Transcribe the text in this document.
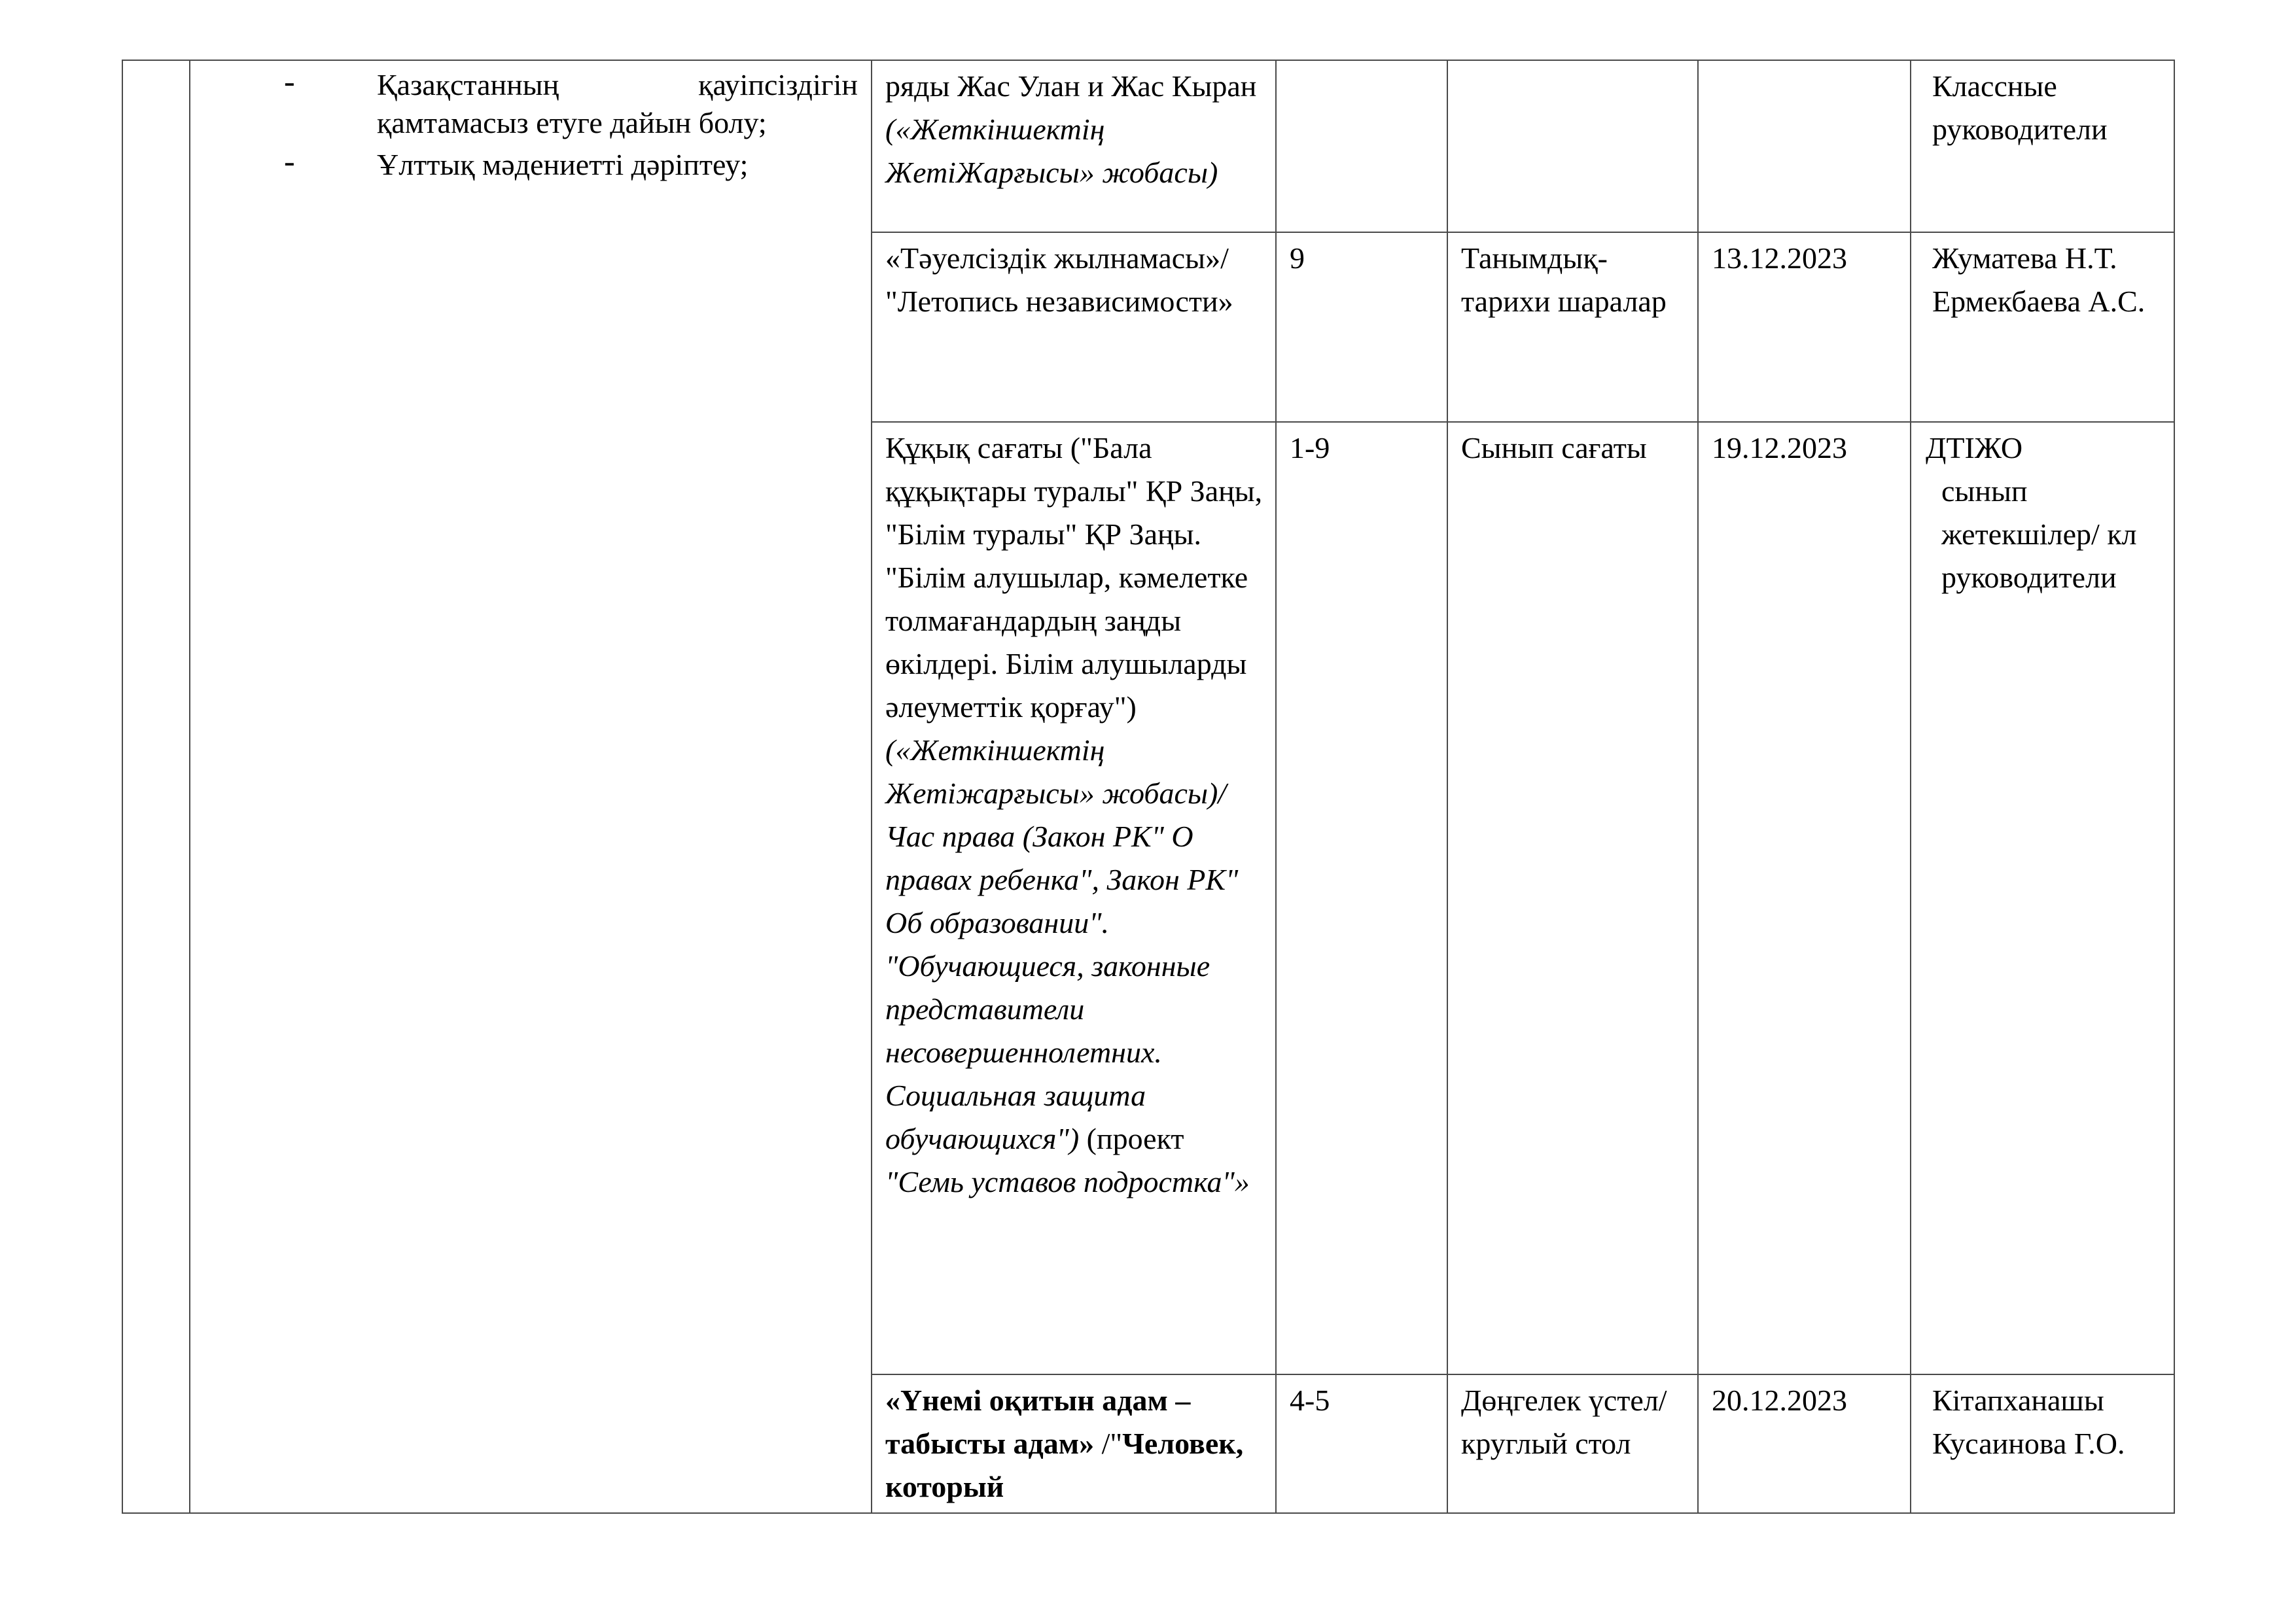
	- Қазақстанның қауіпсіздігін қамтамасыз етуге дайын болу;
- Ұлттық мәдениетті дәріптеу;	ряды Жас Улан и Жас Кыран («Жеткіншектің ЖетіЖарғысы» жобасы)				Классные руководители

		«Тәуелсіздік жылнамасы»/ "Летопись независимости»	9	Танымдық-тарихи шаралар	13.12.2023	Жуматева Н.Т.
Ермекбаева А.С.

		Құқық сағаты ("Бала құқықтары туралы" ҚР Заңы, "Білім туралы" ҚР Заңы. "Білім алушылар, кәмелетке толмағандардың заңды өкілдері. Білім алушыларды әлеуметтік қорғау")(«Жеткіншектің Жетіжарғысы» жобасы)/ Час права (Закон РК" О правах ребенка", Закон РК" Об образовании". "Обучающиеся, законные представители несовершеннолетних. Социальная защита обучающихся") (проект "Семь уставов подростка"»	1-9	Сынып сағаты	19.12.2023	ДТІЖО
сынып жетекшілер/ кл руководители

		«Үнемі оқитын адам –табысты адам» /"Человек, который	4-5	Дөңгелек үстел/круглый стол	20.12.2023	Кітапханашы Кусаинова Г.О.
